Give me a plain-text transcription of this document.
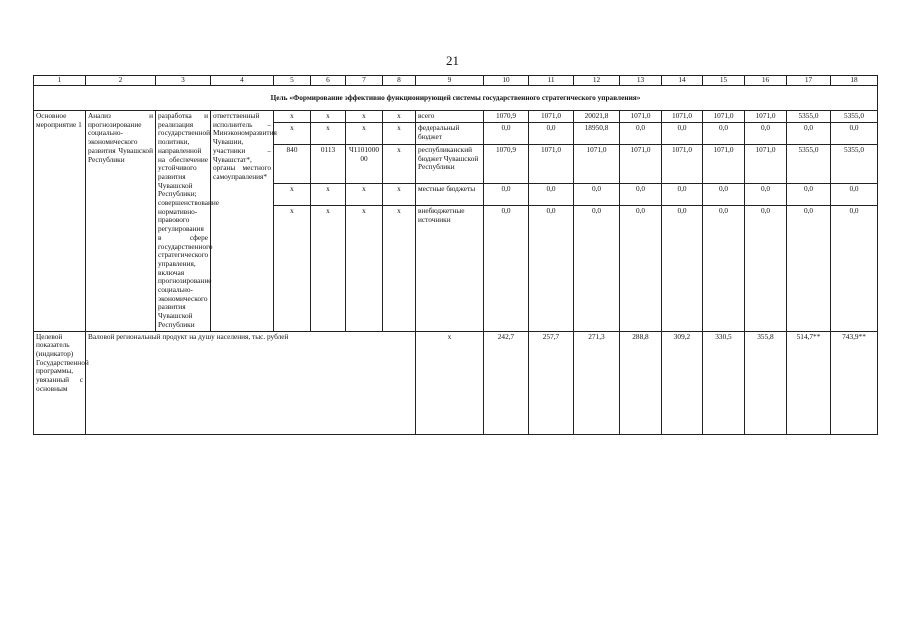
21
1	2	3	4	5	6	7	8	9	10	11	12	13	14	15	16	17	18
Цель «Формирование эффективно функционирующей системы государственного стратегического управления»																	
Основное мероприятие 1	Анализ и прогнозирование социально-экономического развития Чувашской Республики	разработка и реализация государственной политики, направленной на обеспечение устойчивого развития Чувашской Республики; совершенствование нормативно-правового регулирования в сфере государственного стратегического управления, включая прогнозирование социально-экономического развития Чувашской Республики	ответственный исполнитель – Минэкономразвития Чувашии, участники – Чувашстат*, органы местного самоуправления*	х	х	х	х	всего	1070,9	1071,0	20021,8	1071,0	1071,0	1071,0	1071,0	5355,0	5355,0
				х	х	х	х	федеральный бюджет	0,0	0,0	18950,8	0,0	0,0	0,0	0,0	0,0	0,0
				840	0113	Ч1101000 00	х	республиканский бюджет Чувашской Республики	1070,9	1071,0	1071,0	1071,0	1071,0	1071,0	1071,0	5355,0	5355,0
				х	х	х	х	местные бюджеты	0,0	0,0	0,0	0,0	0,0	0,0	0,0	0,0	0,0
				х	х	х	х	внебюджетные источники	0,0	0,0	0,0	0,0	0,0	0,0	0,0	0,0	0,0

Целевой показатель (индикатор) Государственной программы, увязанный с основным	Валовой региональный продукт на душу населения, тыс. рублей							х	242,7	257,7	271,3	288,8	309,2	330,5	355,8	514,7**	743,9**
